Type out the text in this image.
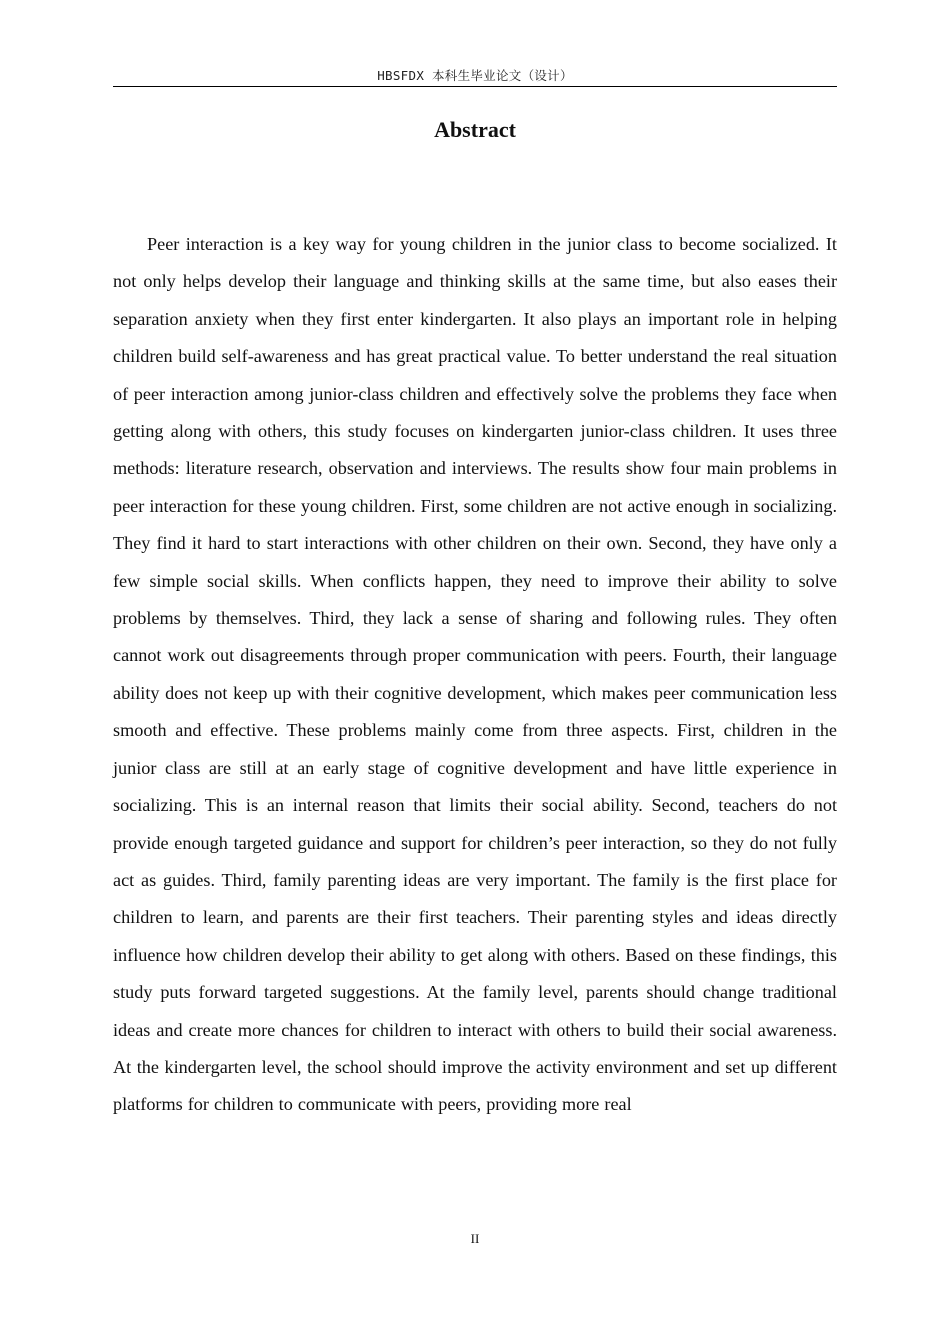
HBSFDX 本科生毕业论文（设计）
Abstract

Peer interaction is a key way for young children in the junior class to become socialized. It not only helps develop their language and thinking skills at the same time, but also eases their separation anxiety when they first enter kindergarten. It also plays an important role in helping children build self-awareness and has great practical value. To better understand the real situation of peer interaction among junior-class children and effectively solve the problems they face when getting along with others, this study focuses on kindergarten junior-class children. It uses three methods: literature research, observation and interviews. The results show four main problems in peer interaction for these young children. First, some children are not active enough in socializing. They find it hard to start interactions with other children on their own. Second, they have only a few simple social skills. When conflicts happen, they need to improve their ability to solve problems by themselves. Third, they lack a sense of sharing and following rules. They often cannot work out disagreements through proper communication with peers. Fourth, their language ability does not keep up with their cognitive development, which makes peer communication less smooth and effective. These problems mainly come from three aspects. First, children in the junior class are still at an early stage of cognitive development and have little experience in socializing. This is an internal reason that limits their social ability. Second, teachers do not provide enough targeted guidance and support for children’s peer interaction, so they do not fully act as guides. Third, family parenting ideas are very important. The family is the first place for children to learn, and parents are their first teachers. Their parenting styles and ideas directly influence how children develop their ability to get along with others. Based on these findings, this study puts forward targeted suggestions. At the family level, parents should change traditional ideas and create more chances for children to interact with others to build their social awareness. At the kindergarten level, the school should improve the activity environment and set up different platforms for children to communicate with peers, providing more real

II
